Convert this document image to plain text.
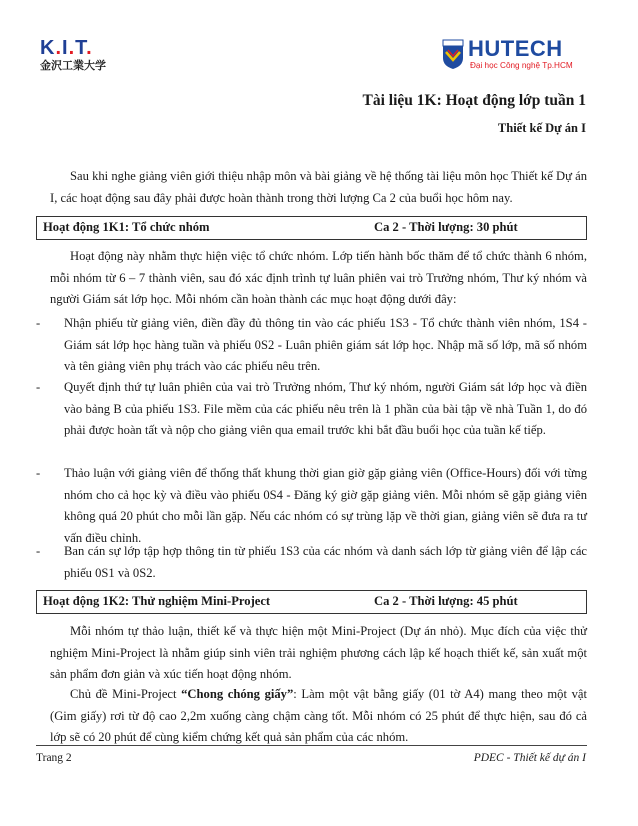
K.I.T.
金沢工業大学
HUTECH
Đại học Công nghệ Tp.HCM
Tài liệu 1K: Hoạt động lớp tuần 1
Thiết kế Dự án I

Sau khi nghe giảng viên giới thiệu nhập môn và bài giảng về hệ thống tài liệu môn học Thiết kế Dự án I, các hoạt động sau đây phải được hoàn thành trong thời lượng Ca 2 của buổi học hôm nay.

Hoạt động 1K1: Tổ chức nhóm	Ca 2 - Thời lượng: 30 phút

Hoạt động này nhằm thực hiện việc tổ chức nhóm. Lớp tiến hành bốc thăm để tổ chức thành 6 nhóm, mỗi nhóm từ 6 – 7 thành viên, sau đó xác định trình tự luân phiên vai trò Trưởng nhóm, Thư ký nhóm và người Giám sát lớp học. Mỗi nhóm cần hoàn thành các mục hoạt động dưới đây:

- Nhận phiếu từ giảng viên, điền đầy đủ thông tin vào các phiếu 1S3 - Tổ chức thành viên nhóm, 1S4 - Giám sát lớp học hàng tuần và phiếu 0S2 - Luân phiên giám sát lớp học. Nhập mã số lớp, mã số nhóm và tên giảng viên phụ trách vào các phiếu nêu trên.
- Quyết định thứ tự luân phiên của vai trò Trưởng nhóm, Thư ký nhóm, người Giám sát lớp học và điền vào bảng B của phiếu 1S3. File mềm của các phiếu nêu trên là 1 phần của bài tập về nhà Tuần 1, do đó phải được hoàn tất và nộp cho giảng viên qua email trước khi bắt đầu buổi học của tuần kế tiếp.
- Thảo luận với giảng viên để thống thất khung thời gian giờ gặp giảng viên (Office-Hours) đối với từng nhóm cho cả học kỳ và điều vào phiếu 0S4 - Đăng ký giờ gặp giảng viên. Mỗi nhóm sẽ gặp giảng viên không quá 20 phút cho mỗi lần gặp. Nếu các nhóm có sự trùng lặp về thời gian, giảng viên sẽ đưa ra tư vấn điều chỉnh.
- Ban cán sự lớp tập hợp thông tin từ phiếu 1S3 của các nhóm và danh sách lớp từ giảng viên để lập các phiếu 0S1 và 0S2.
Hoạt động 1K2: Thử nghiệm Mini-Project	Ca 2 - Thời lượng: 45 phút

Mỗi nhóm tự thảo luận, thiết kế và thực hiện một Mini-Project (Dự án nhỏ). Mục đích của việc thử nghiệm Mini-Project là nhằm giúp sinh viên trải nghiệm phương cách lập kế hoạch thiết kế, sản xuất một sản phẩm đơn giản và xúc tiến hoạt động nhóm.

Chủ đề Mini-Project “Chong chóng giấy”: Làm một vật bằng giấy (01 tờ A4) mang theo một vật (Gim giấy) rơi từ độ cao 2,2m xuống càng chậm càng tốt. Mỗi nhóm có 25 phút để thực hiện, sau đó cả lớp sẽ có 20 phút để cùng kiểm chứng kết quả sản phẩm của các nhóm.

Trang 2	PDEC - Thiết kế dự án I
